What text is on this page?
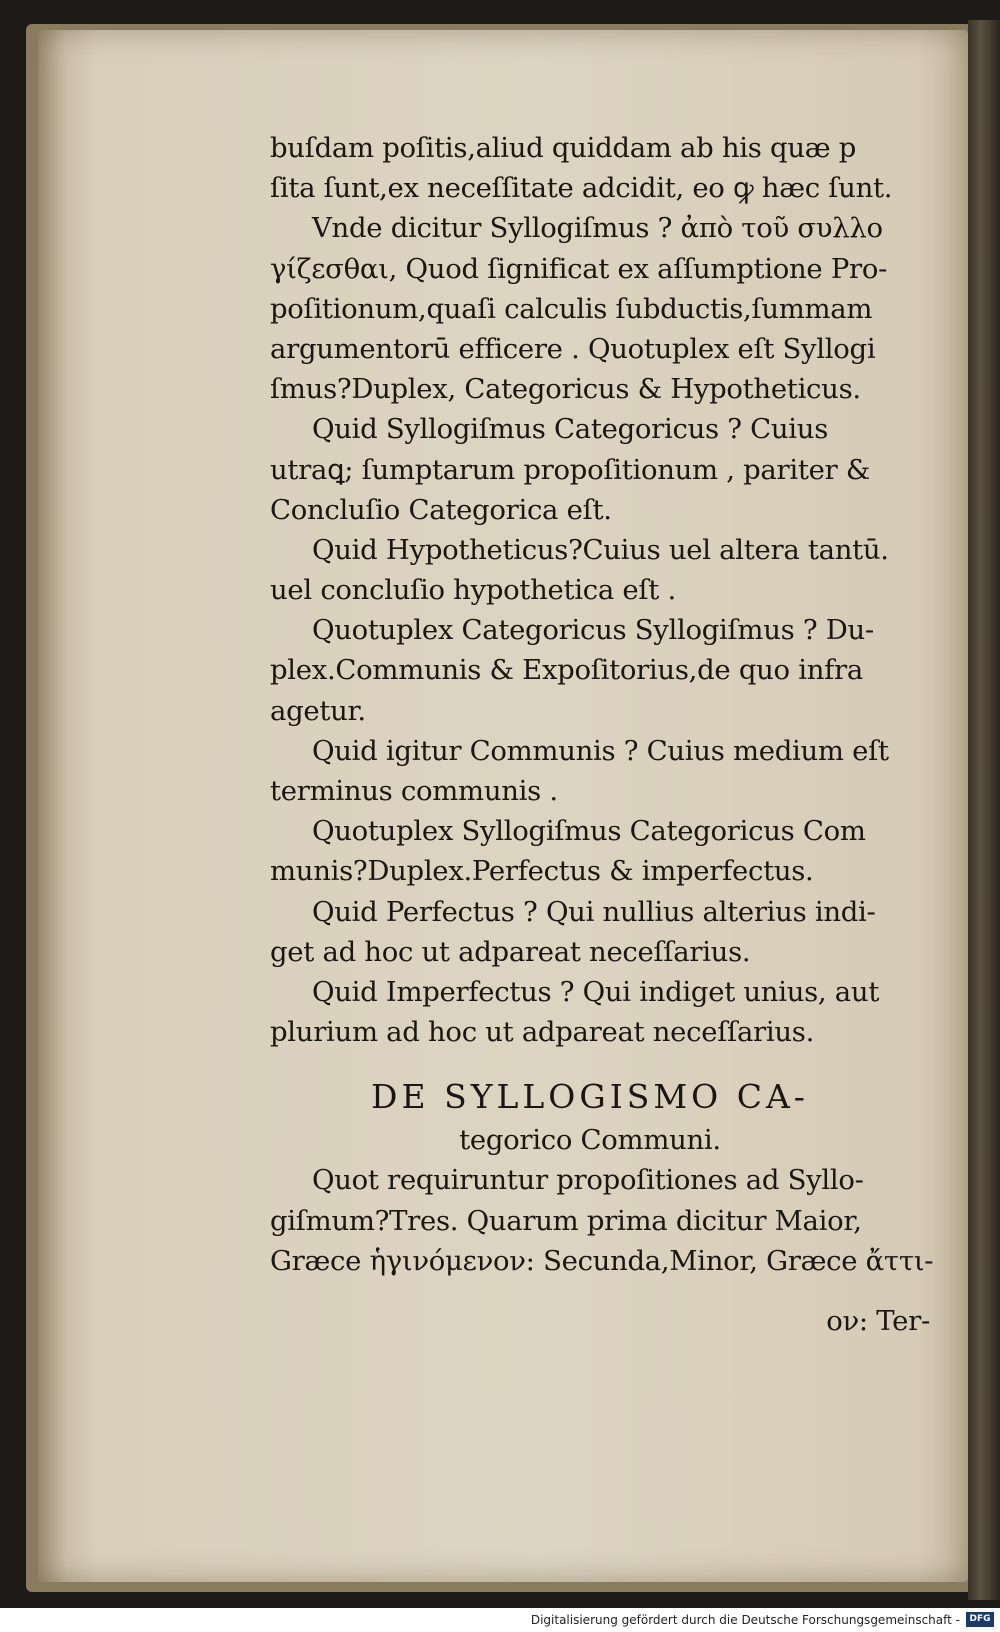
buſdam poſitis,aliud quiddam ab his quæ p
ſita ſunt,ex neceſſitate adcidit, eo ꝙ hæc ſunt.
Vnde dicitur Syllogiſmus ? ἀπὸ τοῦ συλλο
γίζεσθαι, Quod ſignificat ex aſſumptione Pro-
poſitionum,quaſi calculis ſubductis,ſummam
argumentorū efficere . Quotuplex eſt Syllogi
ſmus?Duplex, Categoricus & Hypotheticus.
Quid Syllogiſmus Categoricus ? Cuius
utraꝗ; ſumptarum propoſitionum , pariter &
Concluſio Categorica eſt.
Quid Hypotheticus?Cuius uel altera tantū.
uel concluſio hypothetica eſt .
Quotuplex Categoricus Syllogiſmus ? Du-
plex.Communis & Expoſitorius,de quo infra
agetur.
Quid igitur Communis ? Cuius medium eſt
terminus communis .
Quotuplex Syllogiſmus Categoricus Com
munis?Duplex.Perfectus & imperfectus.
Quid Perfectus ? Qui nullius alterius indi-
get ad hoc ut adpareat neceſſarius.
Quid Imperfectus ? Qui indiget unius, aut
plurium ad hoc ut adpareat neceſſarius.
DE SYLLOGISMO CA-
tegorico Communi.
Quot requiruntur propoſitiones ad Syllo-
giſmum?Tres. Quarum prima dicitur Maior,
Græce ἡγινόμενον: Secunda,Minor, Græce ἄττι-
ον: Ter-
Digitalisierung gefördert durch die Deutsche Forschungsgemeinschaft -	DFG
